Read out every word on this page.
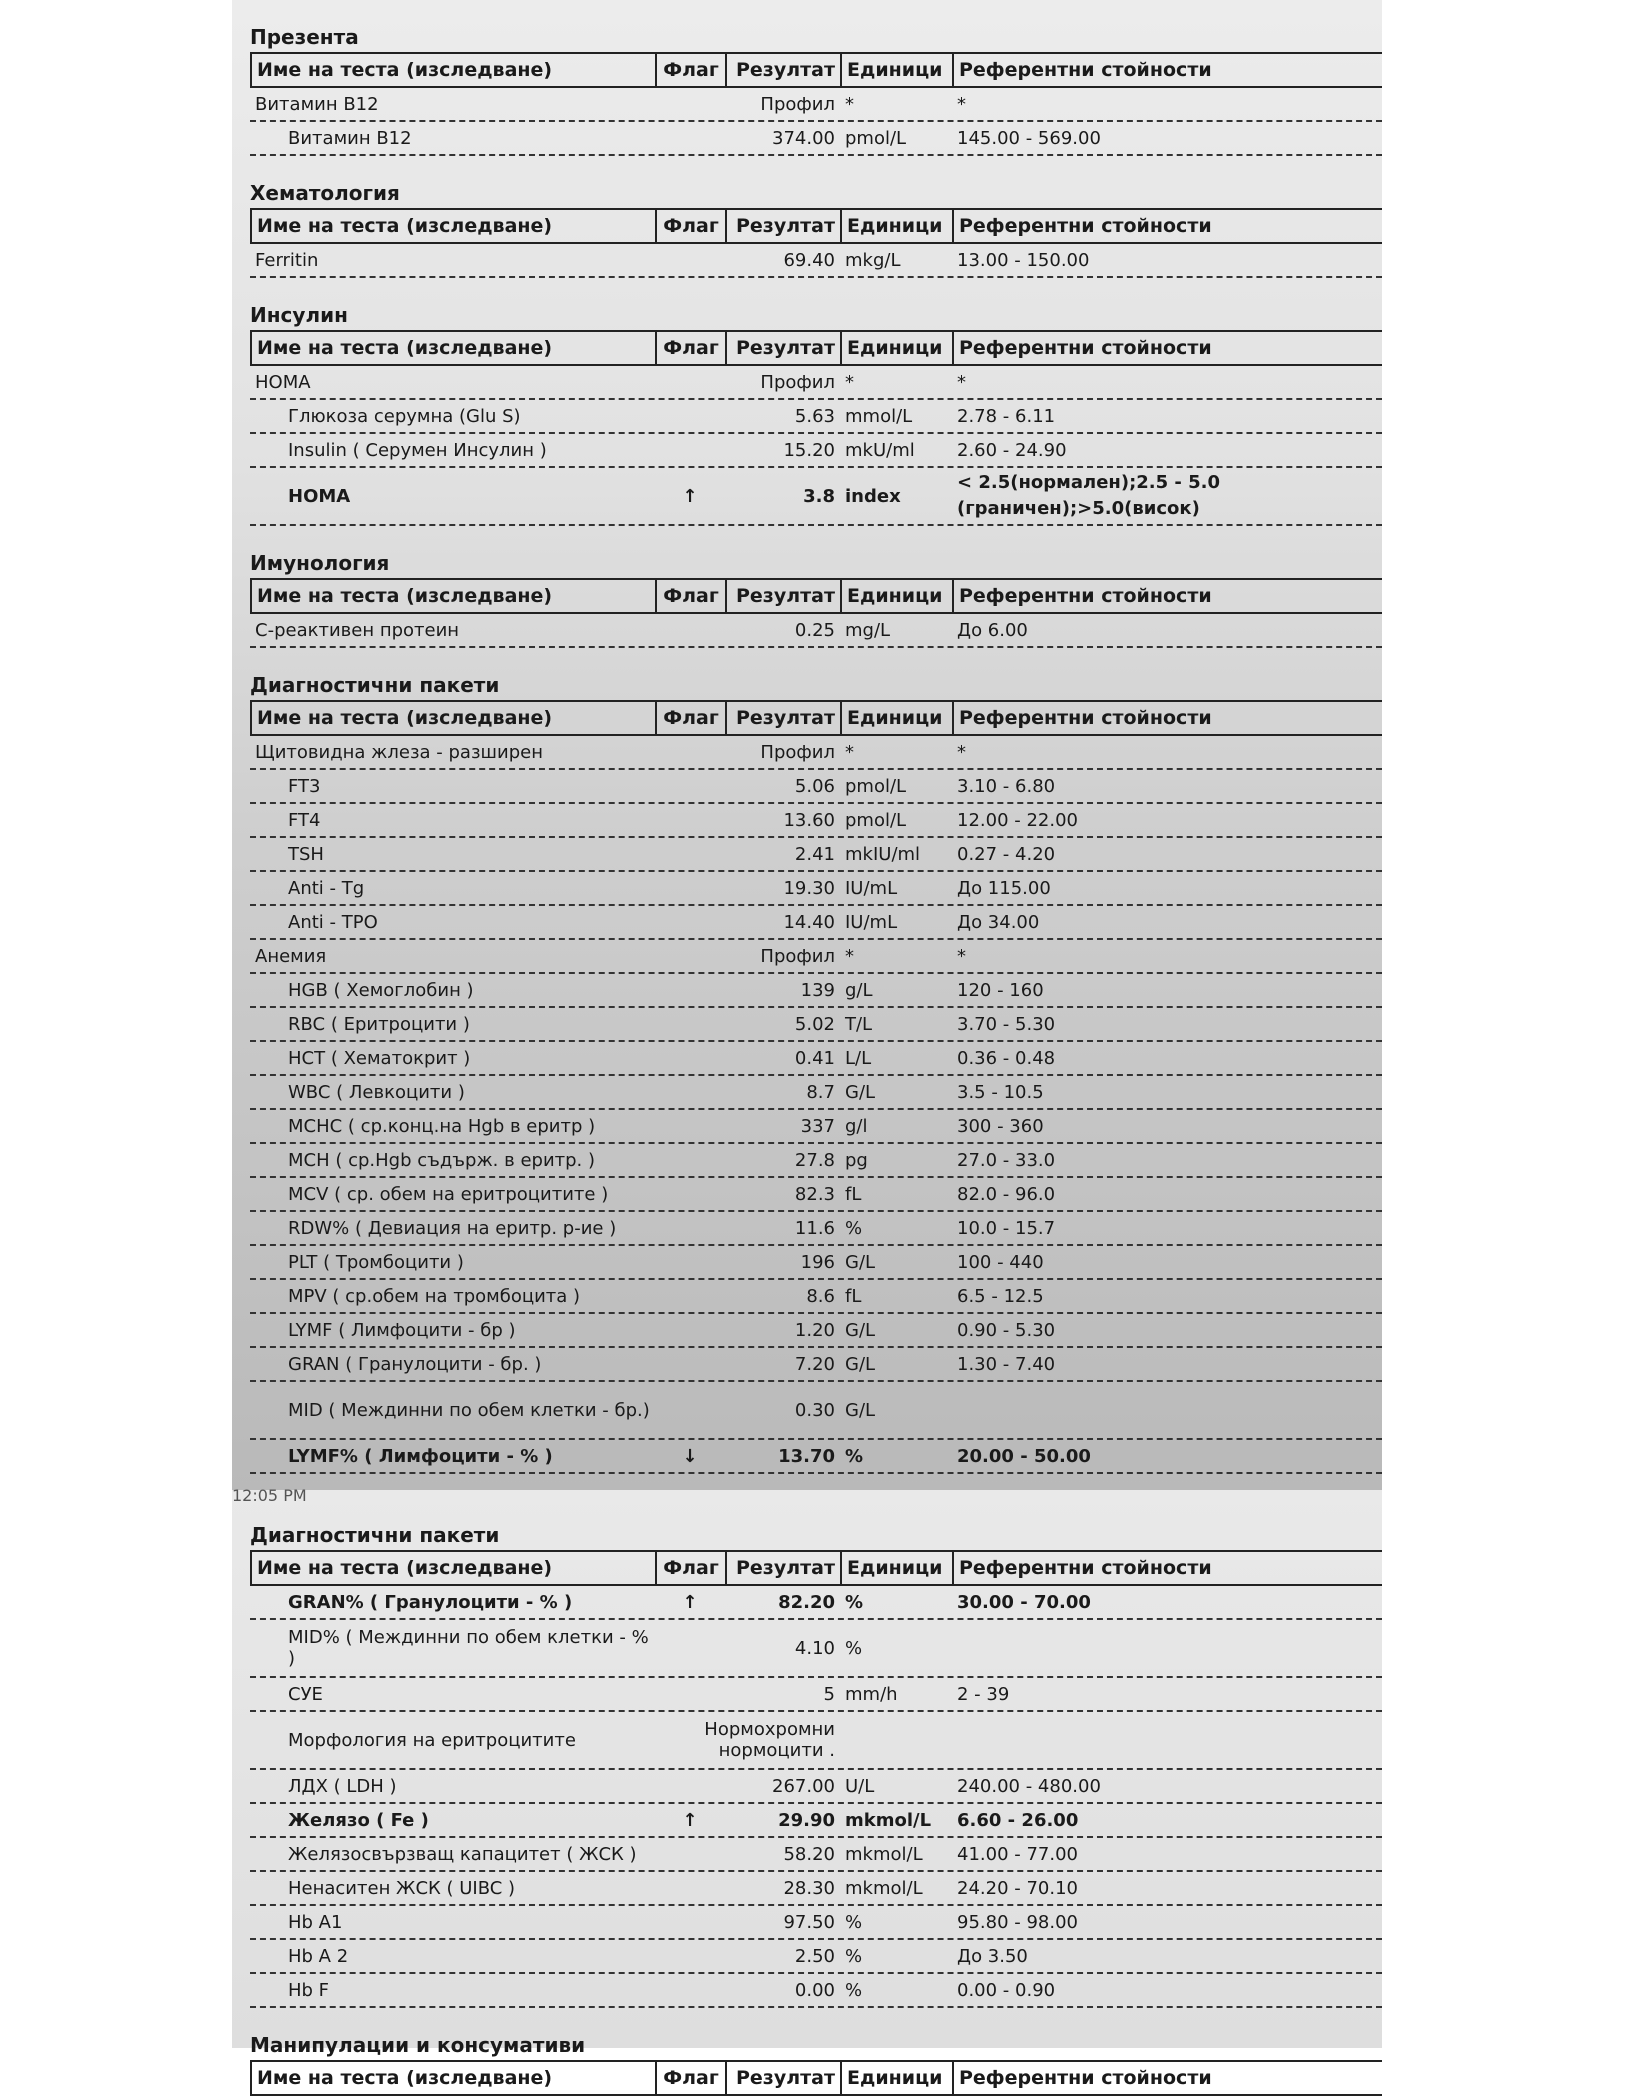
Презента
Име на теста (изследване)	Флаг Резултат Единици Референтни стойности
Витамин B12	Профил *	*
Витамин B12	374.00 pmol/L	145.00 - 569.00
Хематология
Име на теста (изследване)	Флаг Резултат Единици Референтни стойности
Ferritin	69.40 mkg/L	13.00 - 150.00
Инсулин
Име на теста (изследване)	Флаг Резултат Единици Референтни стойности
HOMA	Профил *	*
Глюкоза серумна (Glu S)	5.63 mmol/L	2.78 - 6.11
Insulin ( Серумен Инсулин )	15.20 mkU/ml	2.60 - 24.90
HOMA	↑	3.8 index
< 2.5(нормален);2.5 - 5.0 (граничен);>5.0(висок)
Имунология
Име на теста (изследване)	Флаг Резултат Единици Референтни стойности
C-реактивен протеин	0.25 mg/L	До 6.00
Диагностични пакети
Име на теста (изследване)	Флаг Резултат Единици Референтни стойности
Щитовидна жлеза - разширен	Профил *	*
FT3	5.06 pmol/L	3.10 - 6.80
FT4	13.60 pmol/L	12.00 - 22.00
TSH	2.41 mkIU/ml	0.27 - 4.20
Anti - Tg	19.30 IU/mL	До 115.00
Anti - TPO	14.40 IU/mL	До 34.00
Анемия	Профил *	*
HGB ( Хемоглобин )	139 g/L	120 - 160
RBC ( Еритроцити )	5.02 T/L	3.70 - 5.30
HCT ( Хематокрит )	0.41 L/L	0.36 - 0.48
WBC ( Левкоцити )	8.7 G/L	3.5 - 10.5
MCHC ( ср.конц.на Hgb в еритр )	337 g/l	300 - 360
MCH ( ср.Hgb съдърж. в еритр. )	27.8 pg	27.0 - 33.0
MCV ( ср. обем на еритроцитите )	82.3 fL	82.0 - 96.0
RDW% ( Девиация на еритр. р-ие )	11.6 %	10.0 - 15.7
PLT ( Тромбоцити )	196 G/L	100 - 440
MPV ( ср.обем на тромбоцита )	8.6 fL	6.5 - 12.5
LYMF ( Лимфоцити - бр )	1.20 G/L	0.90 - 5.30
GRAN ( Гранулоцити - бр. )	7.20 G/L	1.30 - 7.40
MID ( Междинни по обем клетки - бр.)	0.30 G/L
LYMF% ( Лимфоцити - % )	↓	13.70 %	20.00 - 50.00
12:05 PM
Диагностични пакети
Име на теста (изследване)	Флаг Резултат Единици Референтни стойности
GRAN% ( Гранулоцити - % )	↑	82.20 %	30.00 - 70.00
MID% ( Междинни по обем клетки - % )	4.10 %
СУЕ	5 mm/h	2 - 39
Морфология на еритроцитите	Нормохромни нормоцити .
ЛДХ ( LDH )	267.00 U/L	240.00 - 480.00
Желязо ( Fe )	↑	29.90 mkmol/L	6.60 - 26.00
Желязосвързващ капацитет ( ЖСК )	58.20 mkmol/L	41.00 - 77.00
Ненаситен ЖСК ( UIBC )	28.30 mkmol/L	24.20 - 70.10
Hb A1	97.50 %	95.80 - 98.00
Hb A 2	2.50 %	До 3.50
Hb F	0.00 %	0.00 - 0.90
Манипулации и консумативи
Име на теста (изследване)	Флаг Резултат Единици Референтни стойности
